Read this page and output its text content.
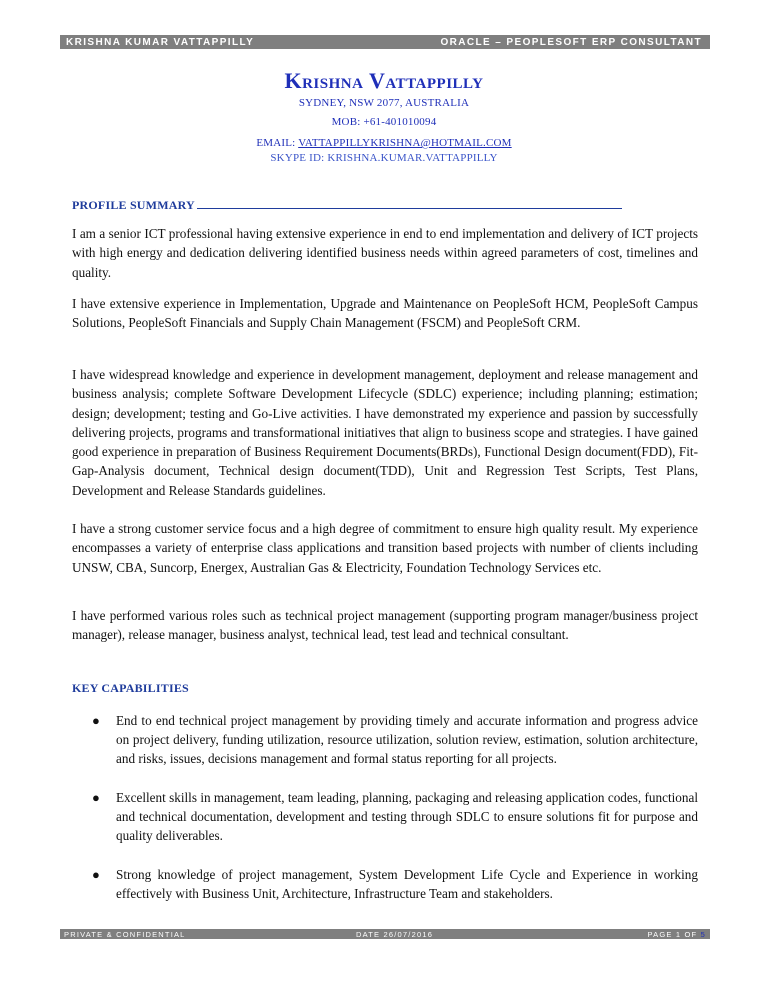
KRISHNA KUMAR VATTAPPILLY	ORACLE – PEOPLESOFT ERP CONSULTANT
Krishna Vattappilly
SYDNEY, NSW 2077, AUSTRALIA
MOB: +61-401010094
EMAIL: VATTAPPILLYKRISHNA@HOTMAIL.COM
SKYPE ID: KRISHNA.KUMAR.VATTAPPILLY
PROFILE SUMMARY

I am a senior ICT professional having extensive experience in end to end implementation and delivery of ICT projects with high energy and dedication delivering identified business needs within agreed parameters of cost, timelines and quality.

I have extensive experience in Implementation, Upgrade and Maintenance on PeopleSoft HCM, PeopleSoft Campus Solutions, PeopleSoft Financials and Supply Chain Management (FSCM) and PeopleSoft CRM.

I have widespread knowledge and experience in development management, deployment and release management and business analysis; complete Software Development Lifecycle (SDLC) experience; including planning; estimation; design; development; testing and Go-Live activities. I have demonstrated my experience and passion by successfully delivering projects, programs and transformational initiatives that align to business scope and strategies. I have gained good experience in preparation of Business Requirement Documents(BRDs), Functional Design document(FDD), Fit-Gap-Analysis document, Technical design document(TDD), Unit and Regression Test Scripts, Test Plans, Development and Release Standards guidelines.

I have a strong customer service focus and a high degree of commitment to ensure high quality result. My experience encompasses a variety of enterprise class applications and transition based projects with number of clients including UNSW, CBA, Suncorp, Energex, Australian Gas & Electricity, Foundation Technology Services etc.

I have performed various roles such as technical project management (supporting program manager/business project manager), release manager, business analyst, technical lead, test lead and technical consultant.

KEY CAPABILITIES
● End to end technical project management by providing timely and accurate information and progress advice on project delivery, funding utilization, resource utilization, solution review, estimation, solution architecture, and risks, issues, decisions management and formal status reporting for all projects.
● Excellent skills in management, team leading, planning, packaging and releasing application codes, functional and technical documentation, development and testing through SDLC to ensure solutions fit for purpose and quality deliverables.
● Strong knowledge of project management, System Development Life Cycle and Experience in working effectively with Business Unit, Architecture, Infrastructure Team and stakeholders.
PRIVATE & CONFIDENTIAL	DATE 26/07/2016	PAGE 1 OF 5
